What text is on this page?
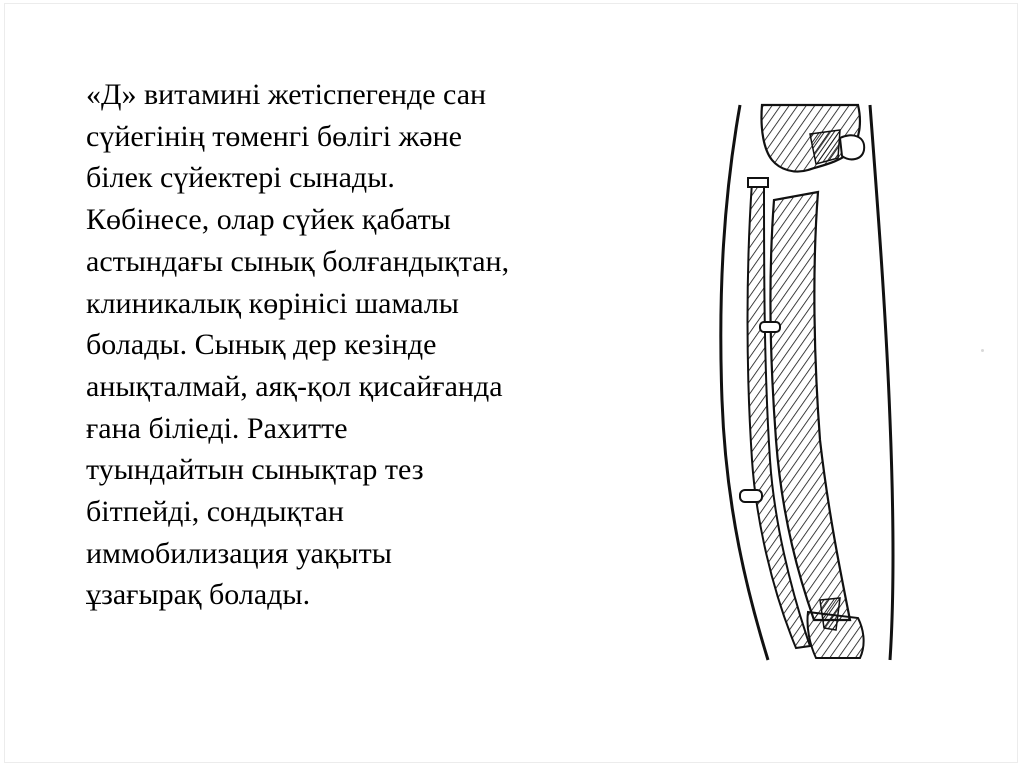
«Д» витамині жетіспегенде сан
сүйегінің төменгі бөлігі және
білек сүйектері сынады.
Көбінесе, олар сүйек қабаты
астындағы сынық болғандықтан,
клиникалық көрінісі шамалы
болады. Сынық дер кезінде
анықталмай, аяқ-қол қисайғанда
ғана біліеді. Рахитте
туындайтын сынықтар тез
бітпейді, сондықтан
иммобилизация уақыты
ұзағырақ болады.
